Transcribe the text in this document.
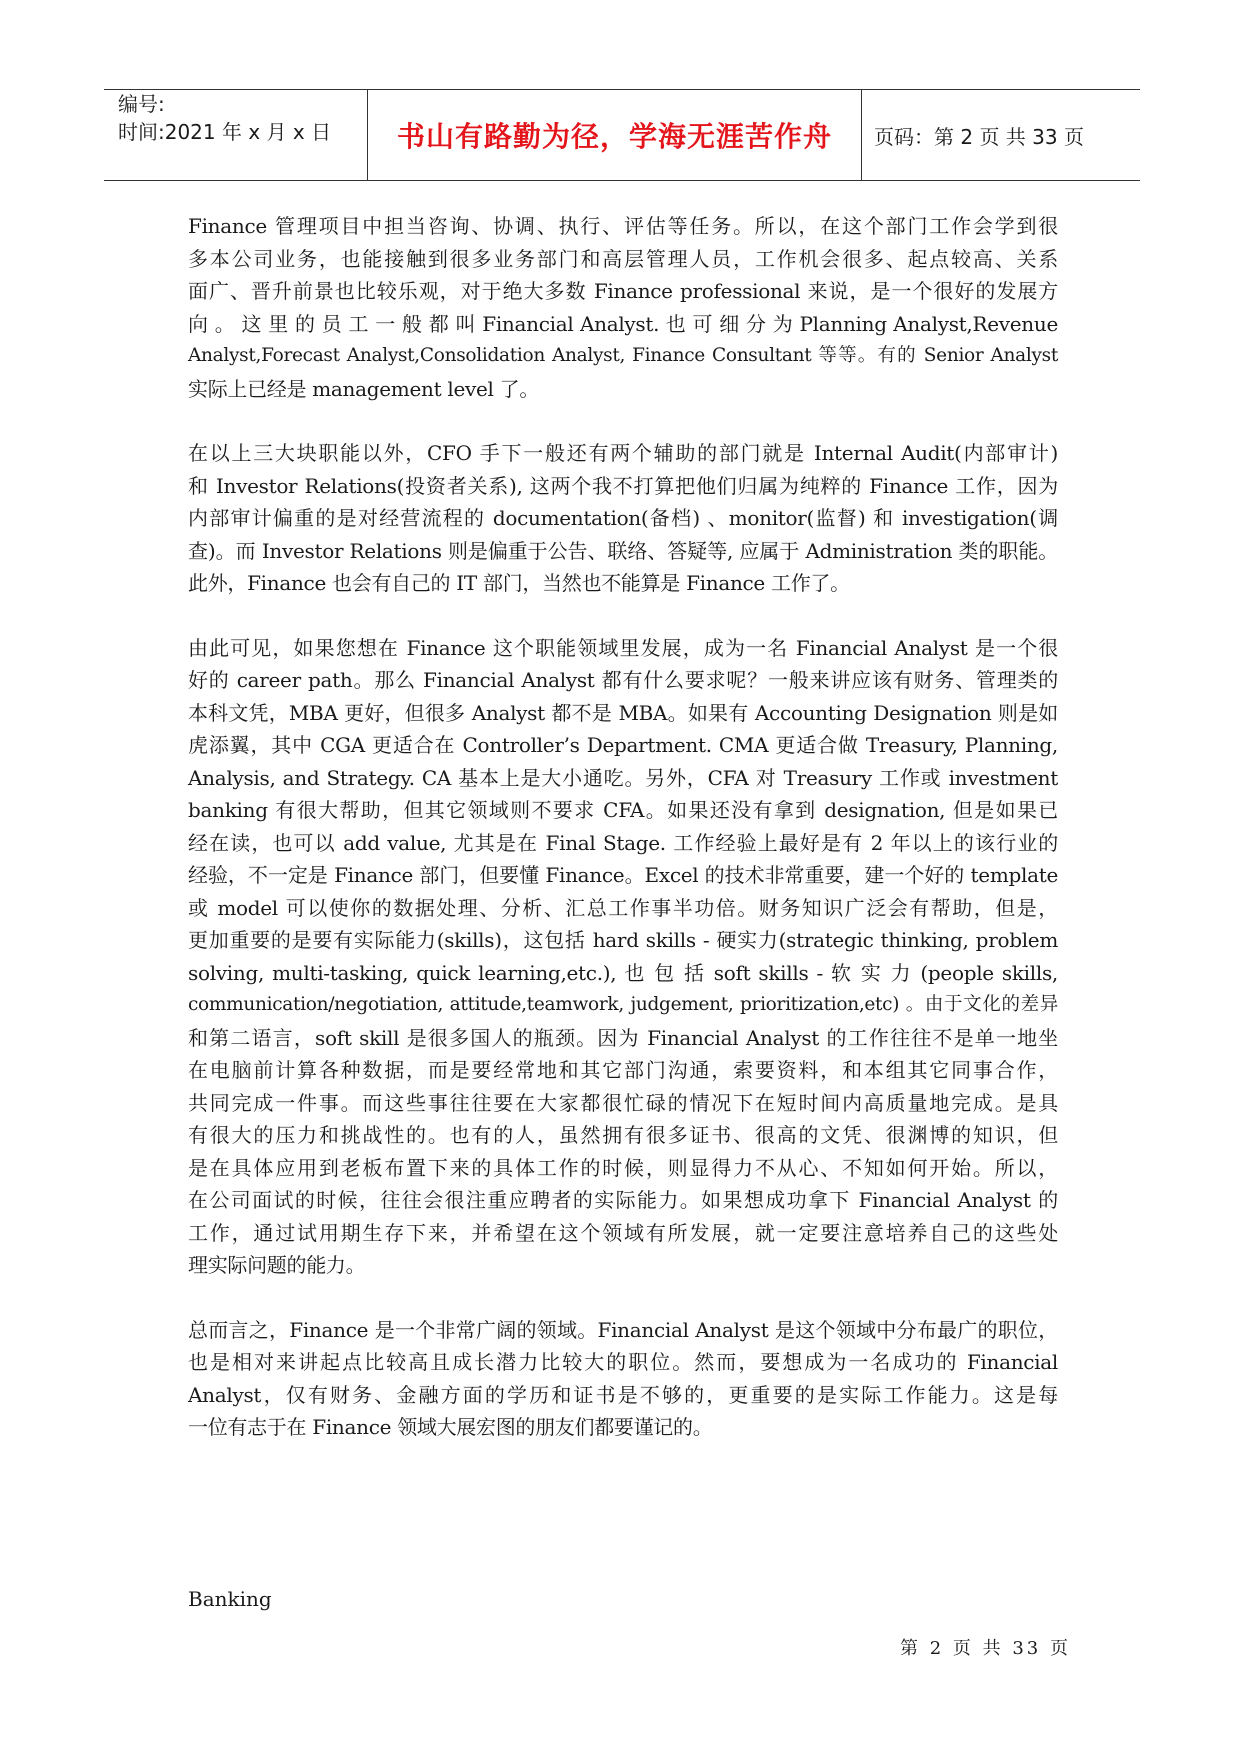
编号:
时间:2021 年 x 月 x 日 书山有路勤为径，学海无涯苦作舟 页码：第 2 页 共 33 页
Finance 管理项目中担当咨询、协调、执行、评估等任务。所以，在这个部门工作会学到很
多本公司业务，也能接触到很多业务部门和高层管理人员，工作机会很多、起点较高、关系
面广、晋升前景也比较乐观，对于绝大多数 Finance professional 来说，是一个很好的发展方
向 。 这 里 的 员 工 一 般 都 叫 Financial Analyst. 也 可 细 分 为 Planning Analyst,Revenue
Analyst,Forecast Analyst,Consolidation Analyst, Finance Consultant 等等。有的 Senior Analyst
实际上已经是 management level 了。
在以上三大块职能以外，CFO 手下一般还有两个辅助的部门就是 Internal Audit(内部审计)
和 Investor Relations(投资者关系), 这两个我不打算把他们归属为纯粹的 Finance 工作，因为
内部审计偏重的是对经营流程的 documentation(备档) 、monitor(监督) 和 investigation(调
查)。而 Investor Relations 则是偏重于公告、联络、答疑等, 应属于 Administration 类的职能。
此外，Finance 也会有自己的 IT 部门，当然也不能算是 Finance 工作了。
由此可见，如果您想在 Finance 这个职能领域里发展，成为一名 Financial Analyst 是一个很
好的 career path。那么 Financial Analyst 都有什么要求呢？一般来讲应该有财务、管理类的
本科文凭，MBA 更好，但很多 Analyst 都不是 MBA。如果有 Accounting Designation 则是如
虎添翼，其中 CGA 更适合在 Controller’s Department. CMA 更适合做 Treasury, Planning,
Analysis, and Strategy. CA 基本上是大小通吃。另外，CFA 对 Treasury 工作或 investment
banking 有很大帮助，但其它领域则不要求 CFA。如果还没有拿到 designation, 但是如果已
经在读，也可以 add value, 尤其是在 Final Stage. 工作经验上最好是有 2 年以上的该行业的
经验，不一定是 Finance 部门，但要懂 Finance。Excel 的技术非常重要，建一个好的 template
或 model 可以使你的数据处理、分析、汇总工作事半功倍。财务知识广泛会有帮助，但是，
更加重要的是要有实际能力(skills)，这包括 hard skills - 硬实力(strategic thinking, problem
solving, multi-tasking, quick learning,etc.), 也 包 括 soft skills - 软 实 力 (people skills,
communication/negotiation, attitude,teamwork, judgement, prioritization,etc) 。由于文化的差异
和第二语言，soft skill 是很多国人的瓶颈。因为 Financial Analyst 的工作往往不是单一地坐
在电脑前计算各种数据，而是要经常地和其它部门沟通，索要资料，和本组其它同事合作，
共同完成一件事。而这些事往往要在大家都很忙碌的情况下在短时间内高质量地完成。是具
有很大的压力和挑战性的。也有的人，虽然拥有很多证书、很高的文凭、很渊博的知识，但
是在具体应用到老板布置下来的具体工作的时候，则显得力不从心、不知如何开始。所以，
在公司面试的时候，往往会很注重应聘者的实际能力。如果想成功拿下 Financial Analyst 的
工作，通过试用期生存下来，并希望在这个领域有所发展，就一定要注意培养自己的这些处
理实际问题的能力。
总而言之，Finance 是一个非常广阔的领域。Financial Analyst 是这个领域中分布最广的职位，
也是相对来讲起点比较高且成长潜力比较大的职位。然而，要想成为一名成功的 Financial
Analyst，仅有财务、金融方面的学历和证书是不够的，更重要的是实际工作能力。这是每
一位有志于在 Finance 领域大展宏图的朋友们都要谨记的。
Banking
第 2 页 共 33 页
